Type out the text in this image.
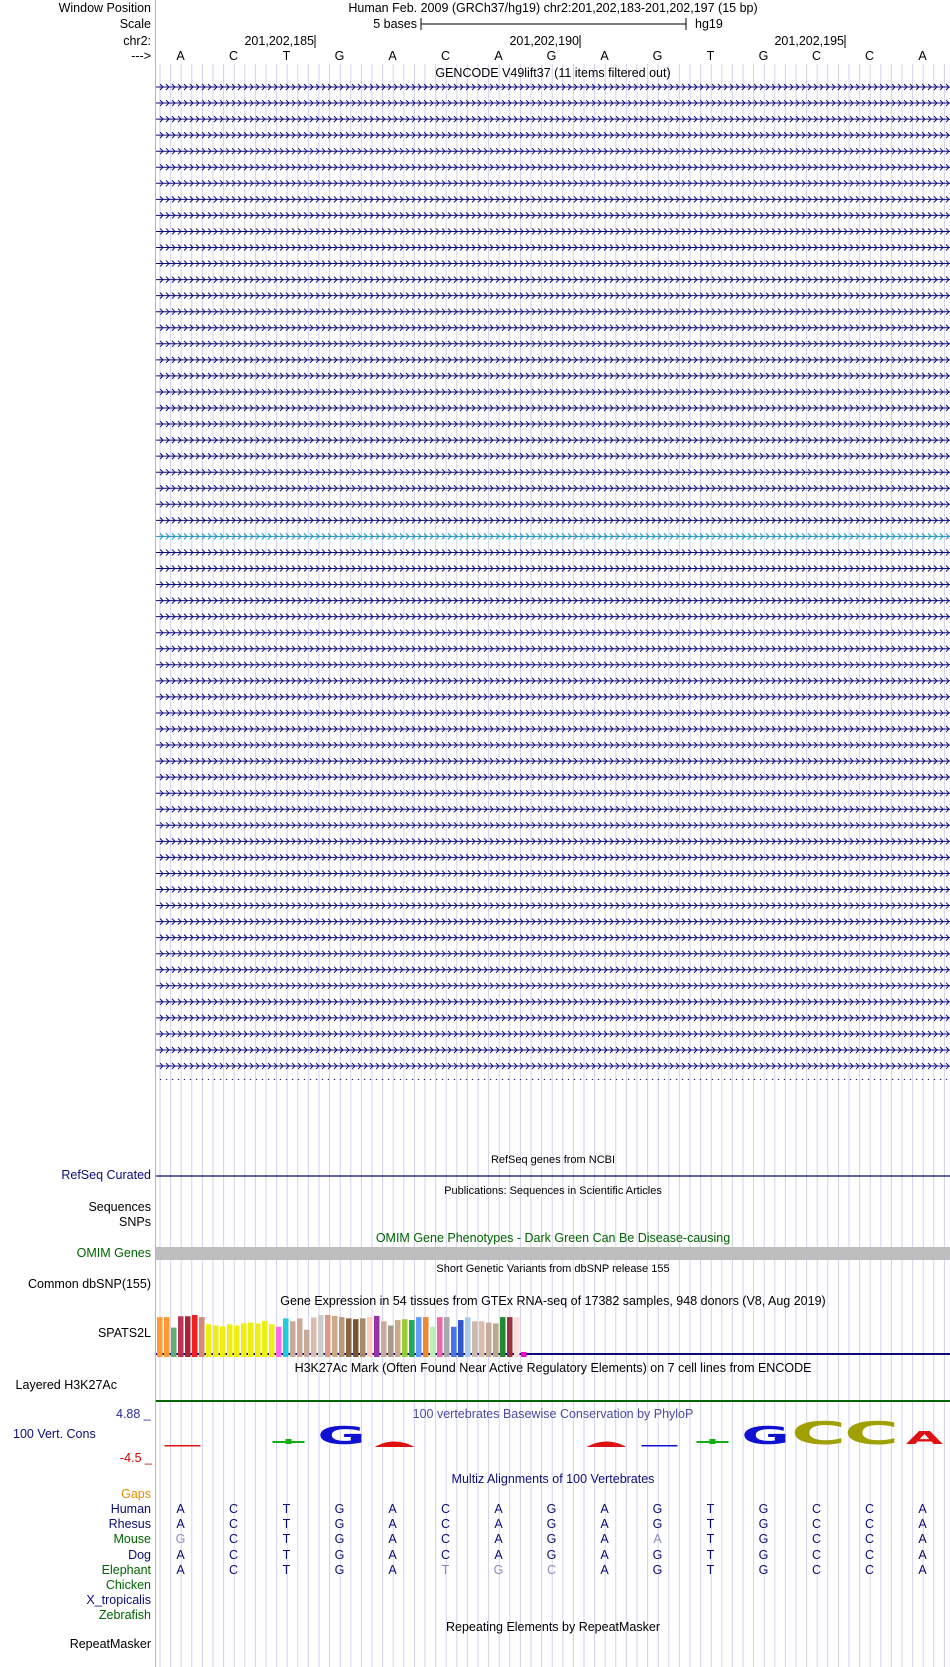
Window Position	Human Feb. 2009 (GRCh37/hg19) chr2:201,202,183-201,202,197 (15 bp)
Scale	5 bases	hg19
chr2:	201,202,185	201,202,190	201,202,195
--->	A	C	T	G	A	C	A	G	A	G	T	G	C	C	A
GENCODE V49lift37 (11 items filtered out)
RefSeq genes from NCBI
RefSeq Curated
Publications: Sequences in Scientific Articles
Sequences
SNPs
OMIM Gene Phenotypes - Dark Green Can Be Disease-causing
OMIM Genes
Short Genetic Variants from dbSNP release 155
Common dbSNP(155)
Gene Expression in 54 tissues from GTEx RNA-seq of 17382 samples, 948 donors (V8, Aug 2019)
SPATS2L
H3K27Ac Mark (Often Found Near Active Regulatory Elements) on 7 cell lines from ENCODE
Layered H3K27Ac
100 vertebrates Basewise Conservation by PhyloP
4.88 _
100 Vert. Cons
-4.5 _
Multiz Alignments of 100 Vertebrates
Gaps
Human	A	C	T	G	A	C	A	G	A	G	T	G	C	C	A
Rhesus	A	C	T	G	A	C	A	G	A	G	T	G	C	C	A
Mouse	G	C	T	G	A	C	A	G	A	A	T	G	C	C	A
Dog	A	C	T	G	A	C	A	G	A	G	T	G	C	C	A
Elephant	A	C	T	G	A	T	G	C	A	G	T	G	C	C	A
Chicken
X_tropicalis
Zebrafish
Repeating Elements by RepeatMasker
RepeatMasker
G	G C
C A
